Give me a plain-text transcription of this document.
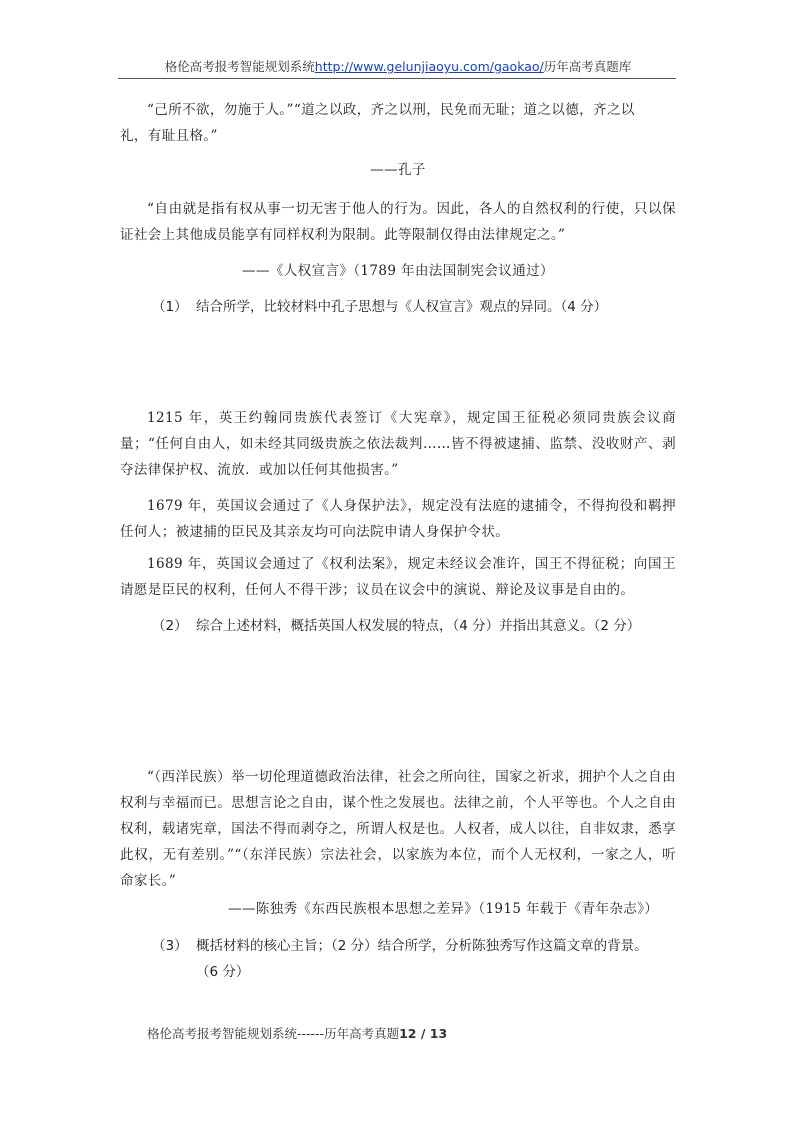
格伦高考报考智能规划系统http://www.gelunjiaoyu.com/gaokao/历年高考真题库

“己所不欲，勿施于人。”“道之以政，齐之以刑，民免而无耻；道之以德，齐之以

礼，有耻且格。”

——孔子

“自由就是指有权从事一切无害于他人的行为。因此，各人的自然权利的行使，只以保证社会上其他成员能享有同样权利为限制。此等限制仅得由法律规定之。”

——《人权宣言》（1789 年由法国制宪会议通过）

（1） 结合所学，比较材料中孔子思想与《人权宣言》观点的异同。（4 分）

1215 年，英王约翰同贵族代表签订《大宪章》，规定国王征税必须同贵族会议商量；“任何自由人，如未经其同级贵族之依法裁判……皆不得被逮捕、监禁、没收财产、剥夺法律保护权、流放．或加以任何其他损害。”

1679 年，英国议会通过了《人身保护法》，规定没有法庭的逮捕令，不得拘役和羁押任何人；被逮捕的臣民及其亲友均可向法院申请人身保护令状。

1689 年，英国议会通过了《权利法案》，规定未经议会准许，国王不得征税；向国王请愿是臣民的权利，任何人不得干涉；议员在议会中的演说、辩论及议事是自由的。

（2） 综合上述材料，概括英国人权发展的特点，（4 分）并指出其意义。（2 分）

“（西洋民族）举一切伦理道德政治法律，社会之所向往，国家之祈求，拥护个人之自由权利与幸福而已。思想言论之自由，谋个性之发展也。法律之前，个人平等也。个人之自由权利，载诸宪章，国法不得而剥夺之，所谓人权是也。人权者，成人以往，自非奴隶，悉享此权，无有差别。”“（东洋民族）宗法社会，以家族为本位，而个人无权利，一家之人，听命家长。”

——陈独秀《东西民族根本思想之差异》（1915 年载于《青年杂志》）

（3） 概括材料的核心主旨；（2 分）结合所学，分析陈独秀写作这篇文章的背景。

（6 分）

格伦高考报考智能规划系统------历年高考真题12 / 13
